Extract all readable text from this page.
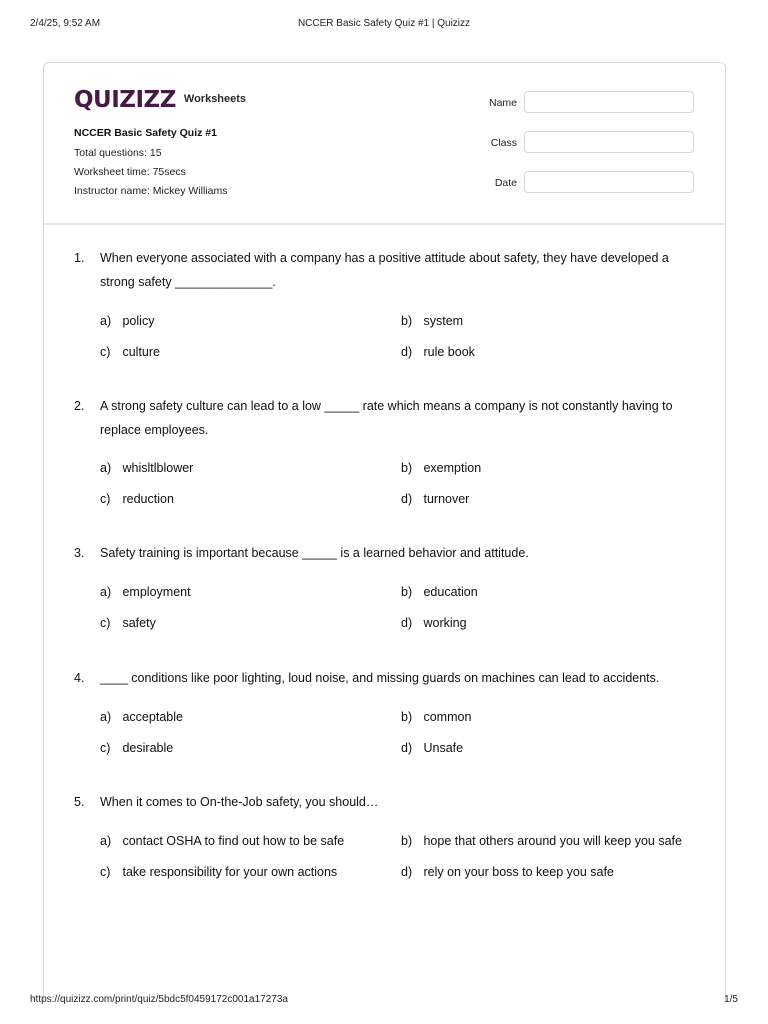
2/4/25, 9:52 AM	NCCER Basic Safety Quiz #1 | Quizizz
QUIZIZZ Worksheets
NCCER Basic Safety Quiz #1
Total questions: 15
Worksheet time: 75secs
Instructor name: Mickey Williams
Name
Class
Date
1. When everyone associated with a company has a positive attitude about safety, they have developed a strong safety ______________.
a) policy	b) system
c) culture	d) rule book
2. A strong safety culture can lead to a low _____ rate which means a company is not constantly having to replace employees.
a) whisltlblower	b) exemption
c) reduction	d) turnover
3. Safety training is important because _____ is a learned behavior and attitude.
a) employment	b) education
c) safety	d) working
4. ____ conditions like poor lighting, loud noise, and missing guards on machines can lead to accidents.
a) acceptable	b) common
c) desirable	d) Unsafe
5. When it comes to On-the-Job safety, you should…
a) contact OSHA to find out how to be safe	b) hope that others around you will keep you safe
c) take responsibility for your own actions	d) rely on your boss to keep you safe
https://quizizz.com/print/quiz/5bdc5f0459172c001a17273a	1/5
